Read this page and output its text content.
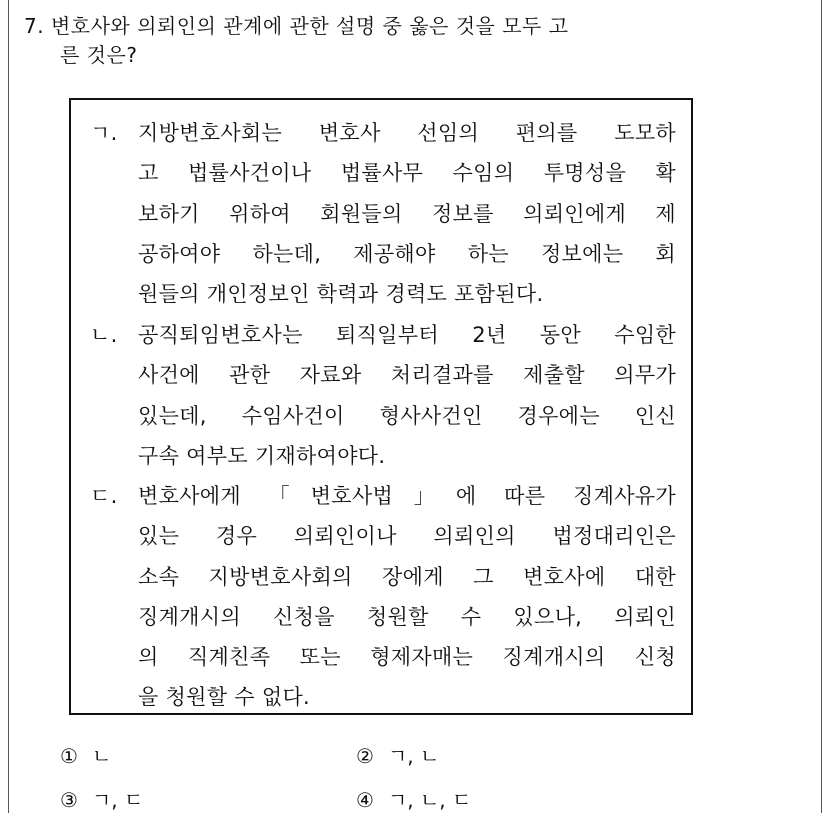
7. 변호사와 의뢰인의 관계에 관한 설명 중 옳은 것을 모두 고
른 것은?
ㄱ. 지방변호사회는 변호사 선임의 편의를 도모하
고 법률사건이나 법률사무 수임의 투명성을 확
보하기 위하여 회원들의 정보를 의뢰인에게 제
공하여야 하는데, 제공해야 하는 정보에는 회
원들의 개인정보인 학력과 경력도 포함된다.
ㄴ. 공직퇴임변호사는 퇴직일부터 2년 동안 수임한
사건에 관한 자료와 처리결과를 제출할 의무가
있는데, 수임사건이 형사사건인 경우에는 인신
구속 여부도 기재하여야다.
ㄷ. 변호사에게 「변호사법」에 따른 징계사유가
있는 경우 의뢰인이나 의뢰인의 법정대리인은
소속 지방변호사회의 장에게 그 변호사에 대한
징계개시의 신청을 청원할 수 있으나, 의뢰인
의 직계친족 또는 형제자매는 징계개시의 신청
을 청원할 수 없다.
① ㄴ	② ㄱ, ㄴ
③ ㄱ, ㄷ	④ ㄱ, ㄴ, ㄷ
